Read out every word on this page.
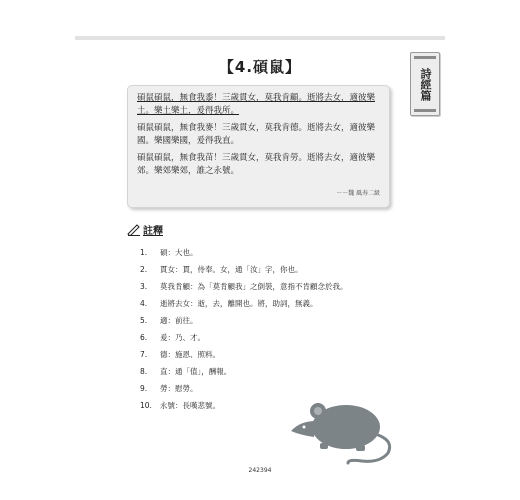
【4.碩鼠】
詩經篇

碩鼠碩鼠，無食我黍！三歲貫女，莫我肯顧。逝將去女，適彼樂土。樂土樂土，爰得我所。

碩鼠碩鼠，無食我麥！三歲貫女，莫我肯德。逝將去女，適彼樂國。樂國樂國，爰得我直。

碩鼠碩鼠，無食我苗！三歲貫女，莫我肯勞。逝將去女，適彼樂郊。樂郊樂郊，誰之永號。

－－魏 風寿二級
註釋
1.	碩：大也。
2.	貫女：貫，侍奉。女，通「汝」字，你也。
3.	莫我肯顧：為「莫肯顧我」之倒裝，意指不肯顧念於我。
4.	逝將去女：逝，去，離開也。將，助詞，無義。
5.	適：前往。
6.	爰：乃、才。
7.	德：施恩、照料。
8.	直：通「值」，酬報。
9.	勞：慰勞。
10.	永號：長嘆悲號。
242394
